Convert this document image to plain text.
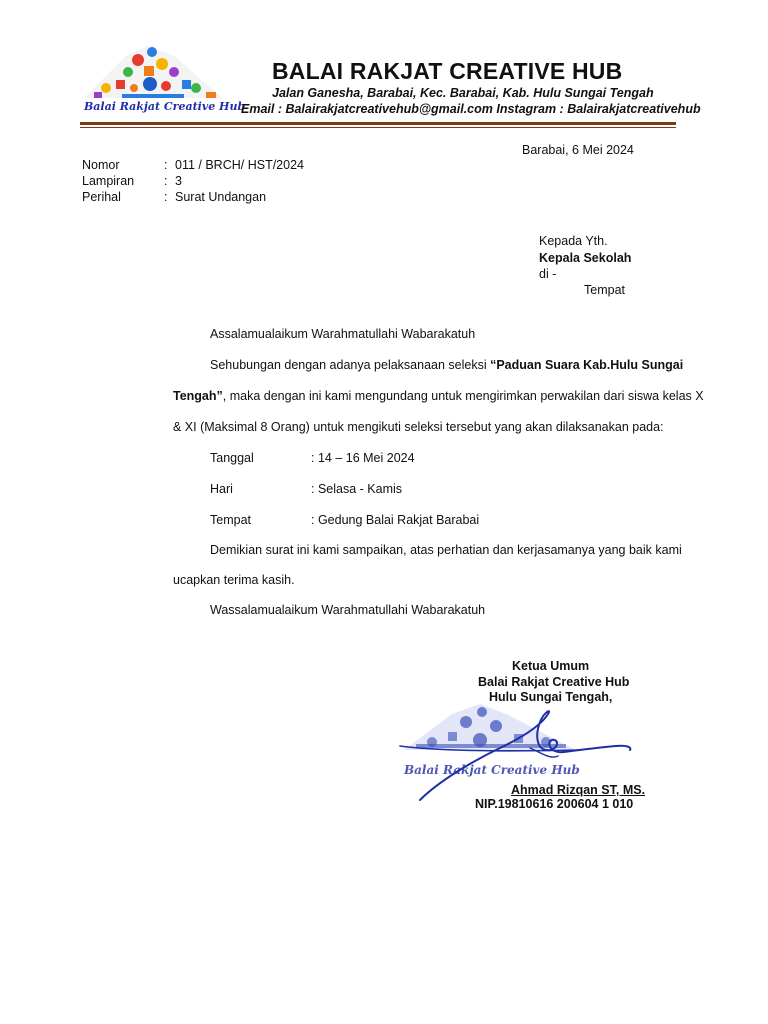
Balai Rakjat Creative Hub
BALAI RAKJAT CREATIVE HUB
Jalan Ganesha, Barabai, Kec. Barabai, Kab. Hulu Sungai Tengah
Email : Balairakjatcreativehub@gmail.com Instagram : Balairakjatcreativehub
Barabai, 6 Mei 2024
Nomor	: 011 / BRCH/ HST/2024
Lampiran : 3
Perihal	: Surat Undangan
Kepada Yth.
Kepala Sekolah
di -
Tempat
Assalamualaikum Warahmatullahi Wabarakatuh
Sehubungan dengan adanya pelaksanaan seleksi “Paduan Suara Kab.Hulu Sungai
Tengah”, maka dengan ini kami mengundang untuk mengirimkan perwakilan dari siswa kelas X
& XI (Maksimal 8 Orang) untuk mengikuti seleksi tersebut yang akan dilaksanakan pada:
Tanggal	: 14 – 16 Mei 2024
Hari	: Selasa - Kamis
Tempat	: Gedung Balai Rakjat Barabai
Demikian surat ini kami sampaikan, atas perhatian dan kerjasamanya yang baik kami
ucapkan terima kasih.
Wassalamualaikum Warahmatullahi Wabarakatuh
Balai Rakjat Creative Hub
Ketua Umum
Balai Rakjat Creative Hub
Hulu Sungai Tengah,
Ahmad Rizqan ST, MS.
NIP.19810616 200604 1 010
